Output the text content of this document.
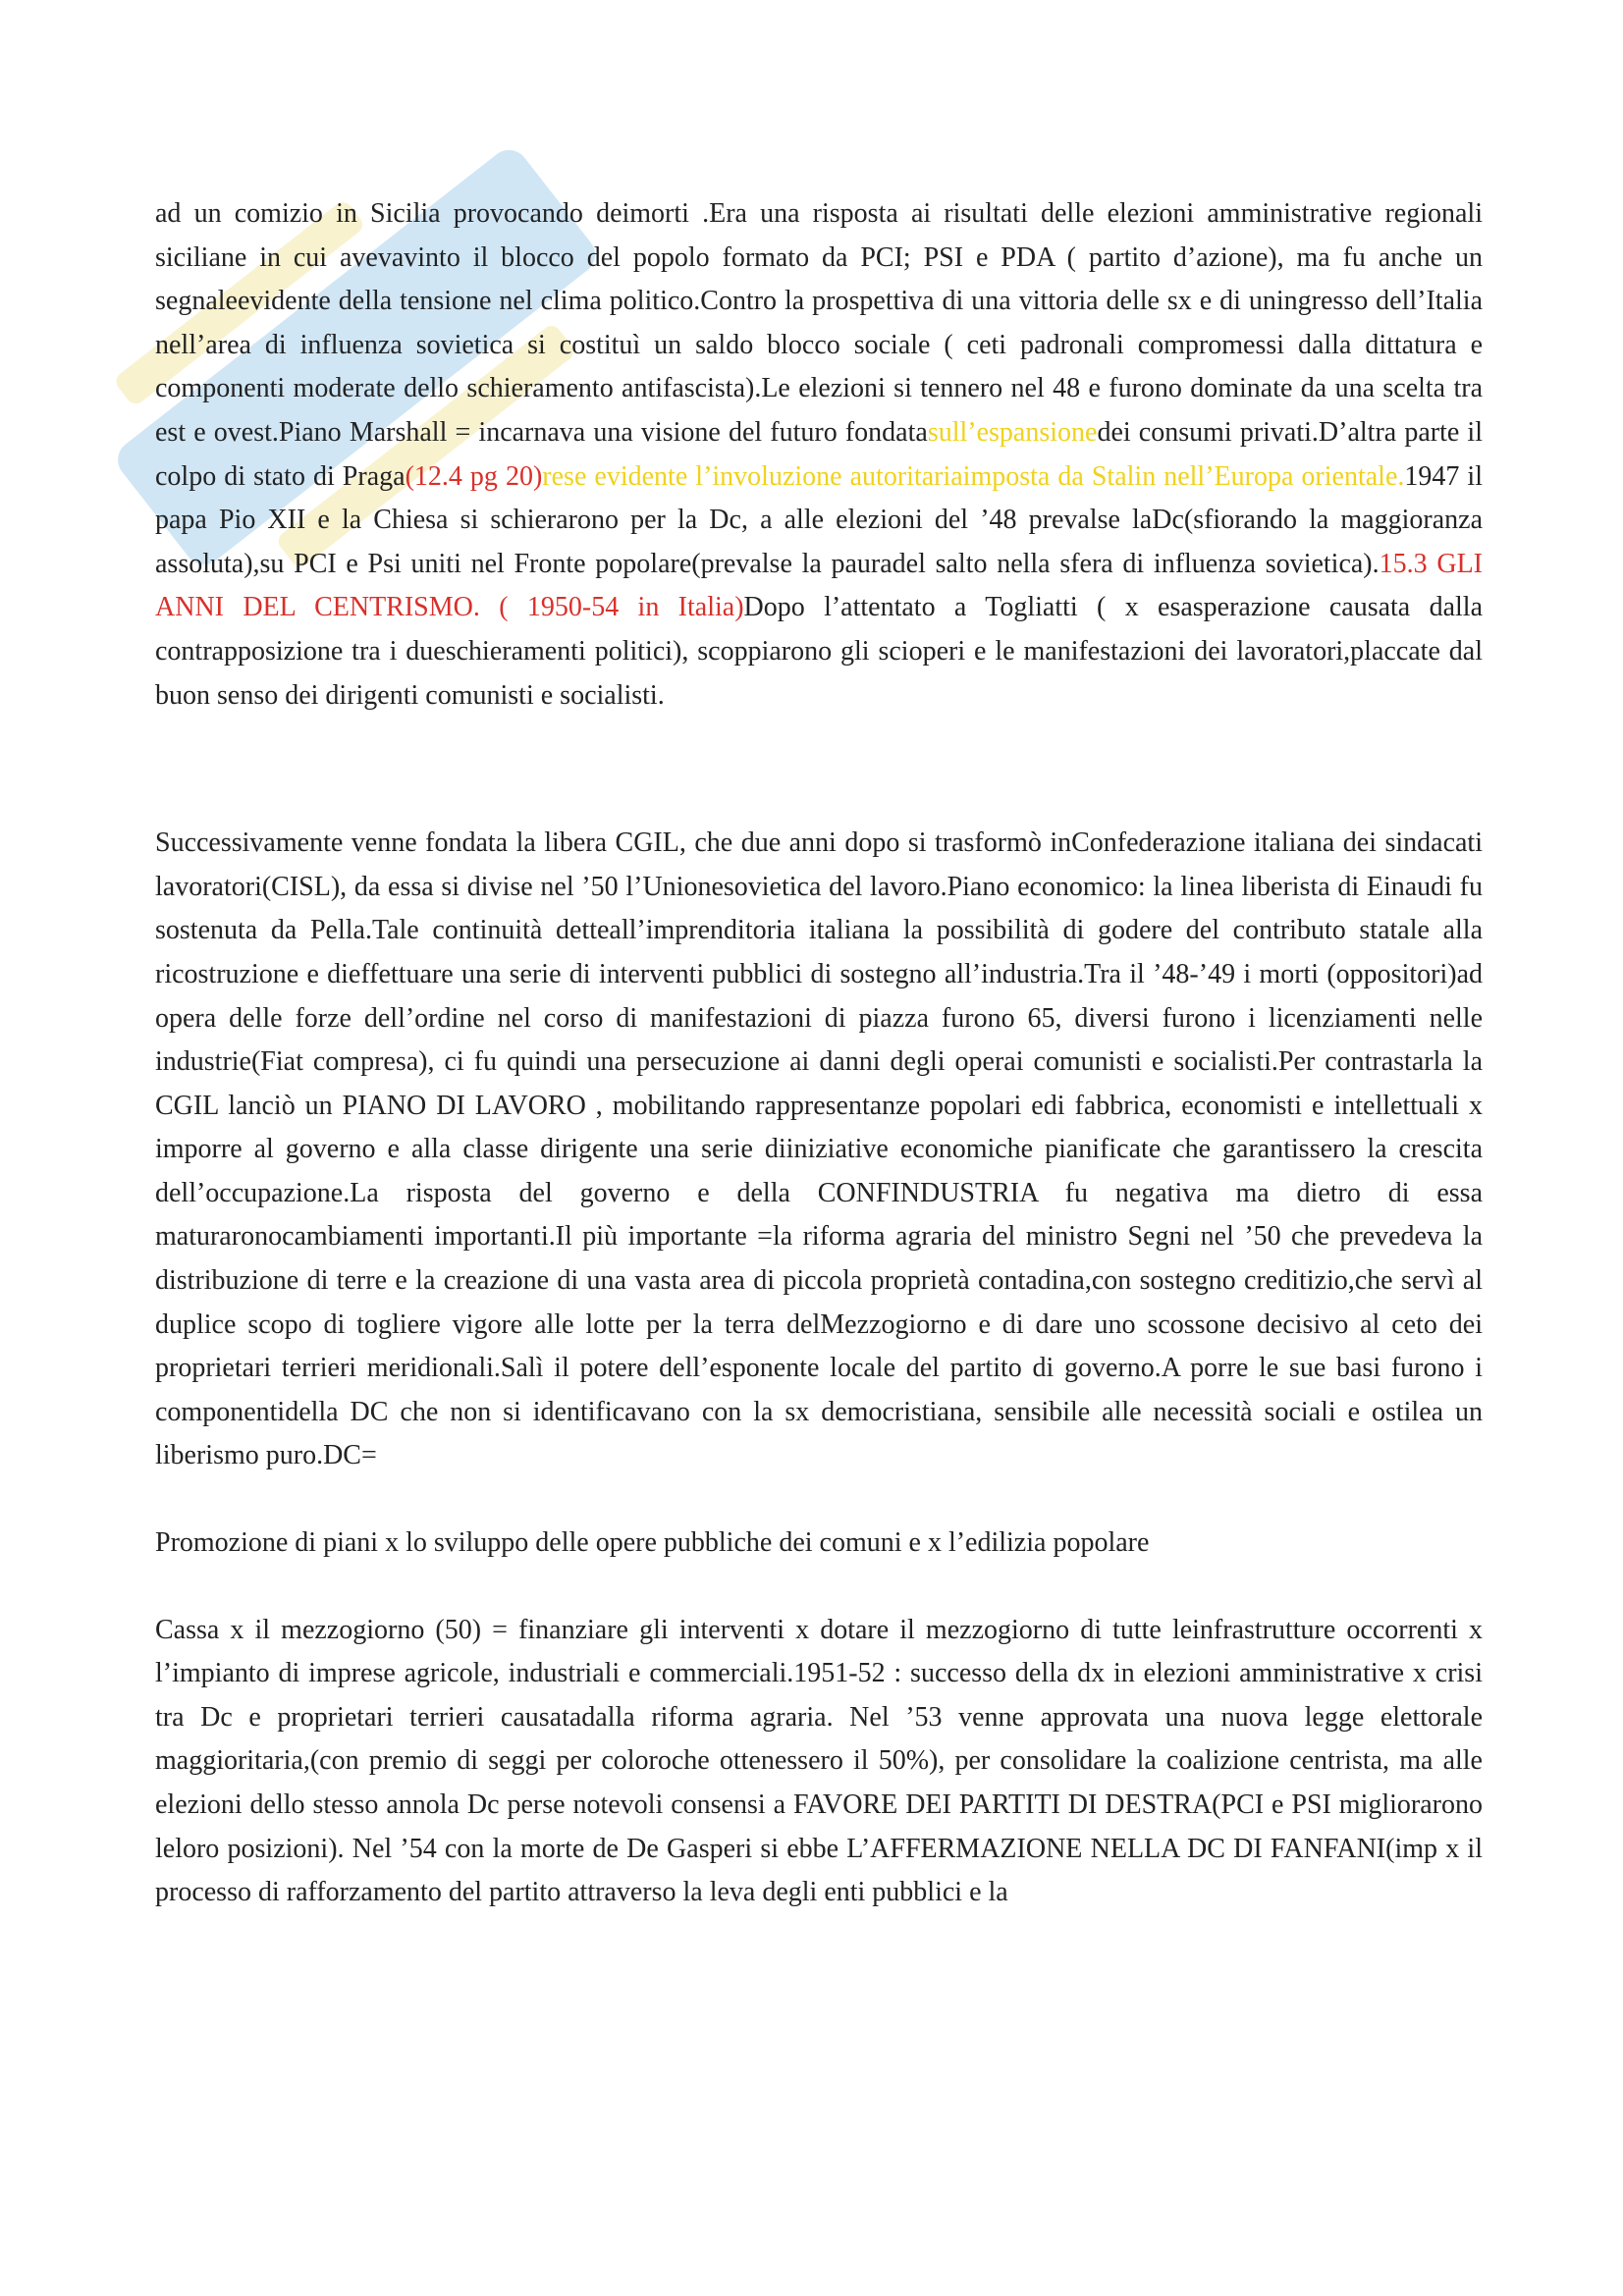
ad un comizio in Sicilia provocando deimorti .Era una risposta ai risultati delle elezioni amministrative regionali siciliane in cui avevavinto il blocco del popolo formato da PCI; PSI e PDA ( partito d’azione), ma fu anche un segnaleevidente della tensione nel clima politico.Contro la prospettiva di una vittoria delle sx e di uningresso dell’Italia nell’area di influenza sovietica si costituì un saldo blocco sociale ( ceti padronali compromessi dalla dittatura e componenti moderate dello schieramento antifascista).Le elezioni si tennero nel 48 e furono dominate da una scelta tra est e ovest.Piano Marshall = incarnava una visione del futuro fondatasull’espansionedei consumi privati.D’altra parte il colpo di stato di Praga(12.4 pg 20)rese evidente l’involuzione autoritariaimposta da Stalin nell’Europa orientale.1947 il papa Pio XII e la Chiesa si schierarono per la Dc, a alle elezioni del ’48 prevalse laDc(sfiorando la maggioranza assoluta),su PCI e Psi uniti nel Fronte popolare(prevalse la pauradel salto nella sfera di influenza sovietica).15.3 GLI ANNI DEL CENTRISMO. ( 1950-54 in Italia)Dopo l’attentato a Togliatti ( x esasperazione causata dalla contrapposizione tra i dueschieramenti politici), scoppiarono gli scioperi e le manifestazioni dei lavoratori,placcate dal buon senso dei dirigenti comunisti e socialisti.

Successivamente venne fondata la libera CGIL, che due anni dopo si trasformò inConfederazione italiana dei sindacati lavoratori(CISL), da essa si divise nel ’50 l’Unionesovietica del lavoro.Piano economico: la linea liberista di Einaudi fu sostenuta da Pella.Tale continuità detteall’imprenditoria italiana la possibilità di godere del contributo statale alla ricostruzione e dieffettuare una serie di interventi pubblici di sostegno all’industria.Tra il ’48-’49 i morti (oppositori)ad opera delle forze dell’ordine nel corso di manifestazioni di piazza furono 65, diversi furono i licenziamenti nelle industrie(Fiat compresa), ci fu quindi una persecuzione ai danni degli operai comunisti e socialisti.Per contrastarla la CGIL lanciò un PIANO DI LAVORO , mobilitando rappresentanze popolari edi fabbrica, economisti e intellettuali x imporre al governo e alla classe dirigente una serie diiniziative economiche pianificate che garantissero la crescita dell’occupazione.La risposta del governo e della CONFINDUSTRIA fu negativa ma dietro di essa maturaronocambiamenti importanti.Il più importante =la riforma agraria del ministro Segni nel ’50 che prevedeva la distribuzione di terre e la creazione di una vasta area di piccola proprietà contadina,con sostegno creditizio,che servì al duplice scopo di togliere vigore alle lotte per la terra delMezzogiorno e di dare uno scossone decisivo al ceto dei proprietari terrieri meridionali.Salì il potere dell’esponente locale del partito di governo.A porre le sue basi furono i componentidella DC che non si identificavano con la sx democristiana, sensibile alle necessità sociali e ostilea un liberismo puro.DC=

Promozione di piani x lo sviluppo delle opere pubbliche dei comuni e x l’edilizia popolare

Cassa x il mezzogiorno (50) = finanziare gli interventi x dotare il mezzogiorno di tutte leinfrastrutture occorrenti x l’impianto di imprese agricole, industriali e commerciali.1951-52 : successo della dx in elezioni amministrative x crisi tra Dc e proprietari terrieri causatadalla riforma agraria. Nel ’53 venne approvata una nuova legge elettorale maggioritaria,(con premio di seggi per coloroche ottenessero il 50%), per consolidare la coalizione centrista, ma alle elezioni dello stesso annola Dc perse notevoli consensi a FAVORE DEI PARTITI DI DESTRA(PCI e PSI migliorarono leloro posizioni). Nel ’54 con la morte de De Gasperi si ebbe L’AFFERMAZIONE NELLA DC DI FANFANI(imp x il processo di rafforzamento del partito attraverso la leva degli enti pubblici e la
